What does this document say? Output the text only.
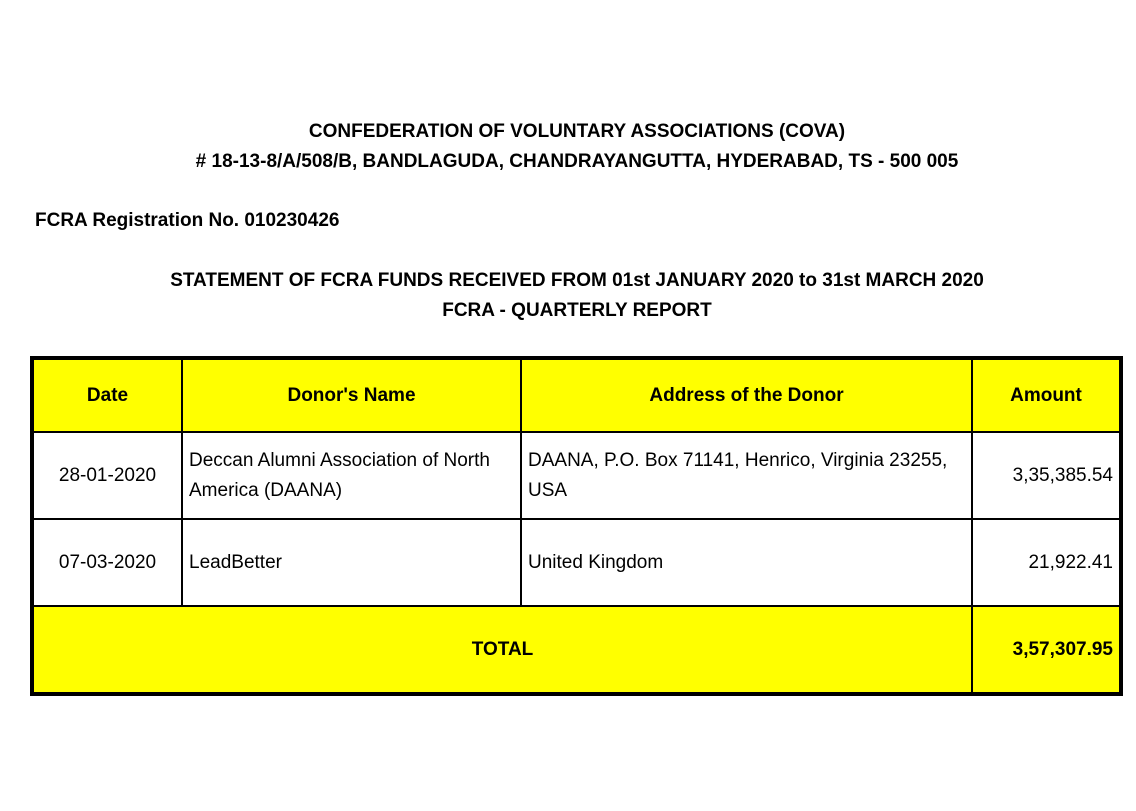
CONFEDERATION OF VOLUNTARY ASSOCIATIONS (COVA)
# 18-13-8/A/508/B, BANDLAGUDA, CHANDRAYANGUTTA, HYDERABAD, TS - 500 005
FCRA Registration No. 010230426
STATEMENT OF FCRA FUNDS RECEIVED FROM 01st JANUARY 2020 to 31st MARCH 2020
FCRA - QUARTERLY REPORT
Date	Donor's Name	Address of the Donor	Amount
28-01-2020	Deccan Alumni Association of North America (DAANA)	DAANA, P.O. Box 71141, Henrico, Virginia 23255, USA	3,35,385.54
07-03-2020	LeadBetter	United Kingdom	21,922.41
TOTAL			3,57,307.95
